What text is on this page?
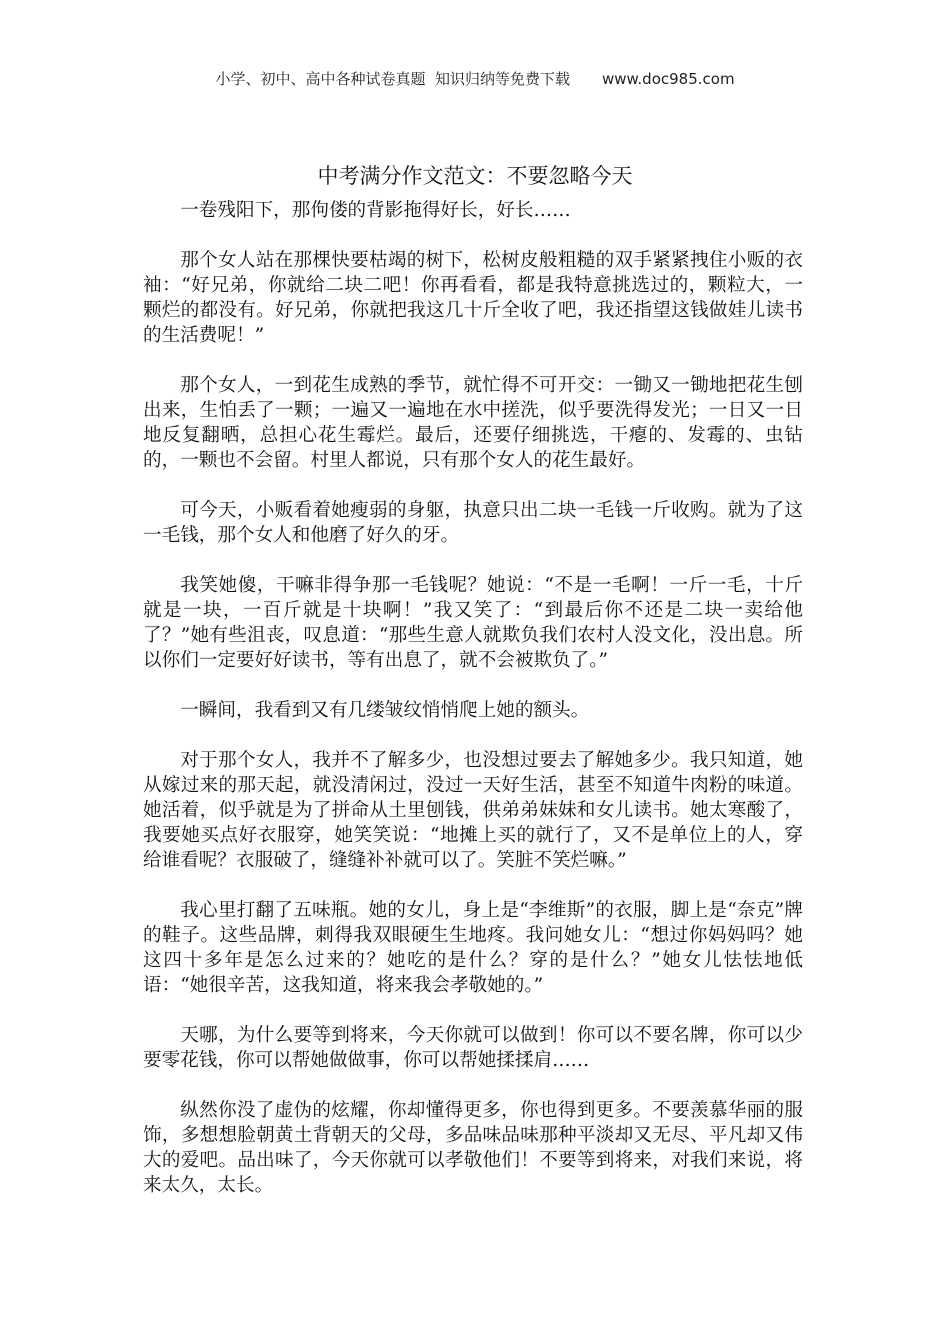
小学、初中、高中各种试卷真题  知识归纳等免费下载 www.doc985.com
中考满分作文范文：不要忽略今天

一卷残阳下，那佝偻的背影拖得好长，好长……

那个女人站在那棵快要枯竭的树下，松树皮般粗糙的双手紧紧拽住小贩的衣袖：“好兄弟，你就给二块二吧！你再看看，都是我特意挑选过的，颗粒大，一颗烂的都没有。好兄弟，你就把我这几十斤全收了吧，我还指望这钱做娃儿读书的生活费呢！”

那个女人，一到花生成熟的季节，就忙得不可开交：一锄又一锄地把花生刨出来，生怕丢了一颗；一遍又一遍地在水中搓洗，似乎要洗得发光；一日又一日地反复翻晒，总担心花生霉烂。最后，还要仔细挑选，干瘪的、发霉的、虫钻的，一颗也不会留。村里人都说，只有那个女人的花生最好。

可今天，小贩看着她瘦弱的身躯，执意只出二块一毛钱一斤收购。就为了这一毛钱，那个女人和他磨了好久的牙。

我笑她傻，干嘛非得争那一毛钱呢？她说：“不是一毛啊！一斤一毛，十斤就是一块，一百斤就是十块啊！”我又笑了：“到最后你不还是二块一卖给他了？”她有些沮丧，叹息道：“那些生意人就欺负我们农村人没文化，没出息。所以你们一定要好好读书，等有出息了，就不会被欺负了。”

一瞬间，我看到又有几缕皱纹悄悄爬上她的额头。

对于那个女人，我并不了解多少，也没想过要去了解她多少。我只知道，她从嫁过来的那天起，就没清闲过，没过一天好生活，甚至不知道牛肉粉的味道。她活着，似乎就是为了拼命从土里刨钱，供弟弟妹妹和女儿读书。她太寒酸了，我要她买点好衣服穿，她笑笑说：“地摊上买的就行了，又不是单位上的人，穿给谁看呢？衣服破了，缝缝补补就可以了。笑脏不笑烂嘛。”

我心里打翻了五味瓶。她的女儿，身上是“李维斯”的衣服，脚上是“奈克”牌的鞋子。这些品牌，刺得我双眼硬生生地疼。我问她女儿：“想过你妈妈吗？她这四十多年是怎么过来的？她吃的是什么？穿的是什么？”她女儿怯怯地低语：“她很辛苦，这我知道，将来我会孝敬她的。”

天哪，为什么要等到将来，今天你就可以做到！你可以不要名牌，你可以少要零花钱，你可以帮她做做事，你可以帮她揉揉肩……

纵然你没了虚伪的炫耀，你却懂得更多，你也得到更多。不要羡慕华丽的服饰，多想想脸朝黄土背朝天的父母，多品味品味那种平淡却又无尽、平凡却又伟大的爱吧。品出味了，今天你就可以孝敬他们！不要等到将来，对我们来说，将来太久，太长。
